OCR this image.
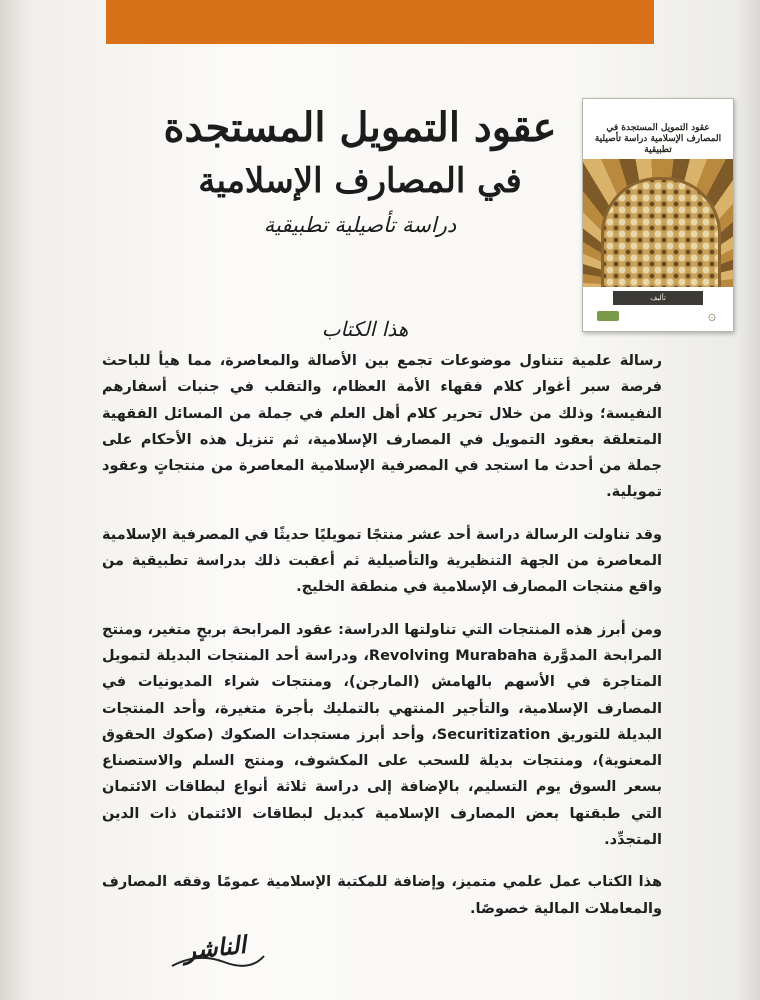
عقود التمويل المستجدة

في المصارف الإسلامية

دراسة تأصيلية تطبيقية

هذا الكتاب
عقود التمويل المستجدة في المصارف الإسلامية دراسة تأصيلية تطبيقية
تأليف
۞

رسالة علمية تتناول موضوعات تجمع بين الأصالة والمعاصرة، مما هيأ للباحث فرصة سبر أغوار كلام فقهاء الأمة العظام، والتقلب في جنبات أسفارهم النفيسة؛ وذلك من خلال تحرير كلام أهل العلم في جملة من المسائل الفقهية المتعلقة بعقود التمويل في المصارف الإسلامية، ثم تنزيل هذه الأحكام على جملة من أحدث ما استجد في المصرفية الإسلامية المعاصرة من منتجاتٍ وعقود تمويلية.

وقد تناولت الرسالة دراسة أحد عشر منتجًا تمويليًا حديثًا في المصرفية الإسلامية المعاصرة من الجهة التنظيرية والتأصيلية ثم أعقبت ذلك بدراسة تطبيقية من واقع منتجات المصارف الإسلامية في منطقة الخليج.

ومن أبرز هذه المنتجات التي تناولتها الدراسة: عقود المرابحة بربحٍ متغير، ومنتج المرابحة المدوَّرة Revolving Murabaha، ودراسة أحد المنتجات البديلة لتمويل المتاجرة في الأسهم بالهامش (المارجن)، ومنتجات شراء المديونيات في المصارف الإسلامية، والتأجير المنتهي بالتمليك بأجرة متغيرة، وأحد المنتجات البديلة للتوريق Securitization، وأحد أبرز مستجدات الصكوك (صكوك الحقوق المعنوية)، ومنتجات بديلة للسحب على المكشوف، ومنتج السلم والاستصناع بسعر السوق يوم التسليم، بالإضافة إلى دراسة ثلاثة أنواع لبطاقات الائتمان التي طبقتها بعض المصارف الإسلامية كبديل لبطاقات الائتمان ذات الدين المتجدِّد.

هذا الكتاب عمل علمي متميز، وإضافة للمكتبة الإسلامية عمومًا وفقه المصارف والمعاملات المالية خصوصًا.

الناشر
